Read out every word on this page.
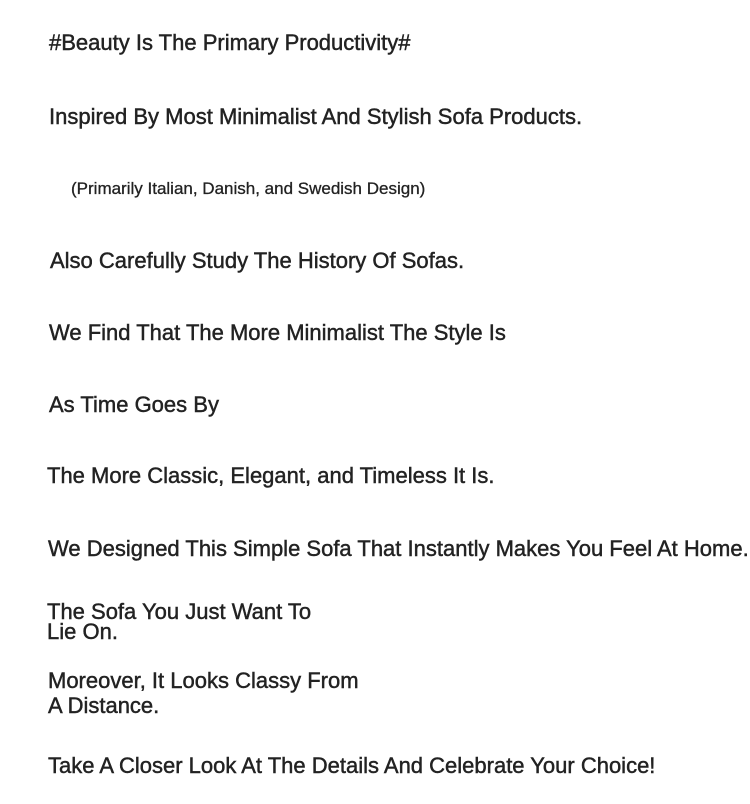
#Beauty Is The Primary Productivity#

Inspired By Most Minimalist And Stylish Sofa Products.

(Primarily Italian, Danish, and Swedish Design)

Also Carefully Study The History Of Sofas.

We Find That The More Minimalist The Style Is

As Time Goes By

The More Classic, Elegant, and Timeless It Is.

We Designed This Simple Sofa That Instantly Makes You Feel At Home.

The Sofa You Just Want To
Lie On.
Moreover, It Looks Classy From
A Distance.

Take A Closer Look At The Details And Celebrate Your Choice!
